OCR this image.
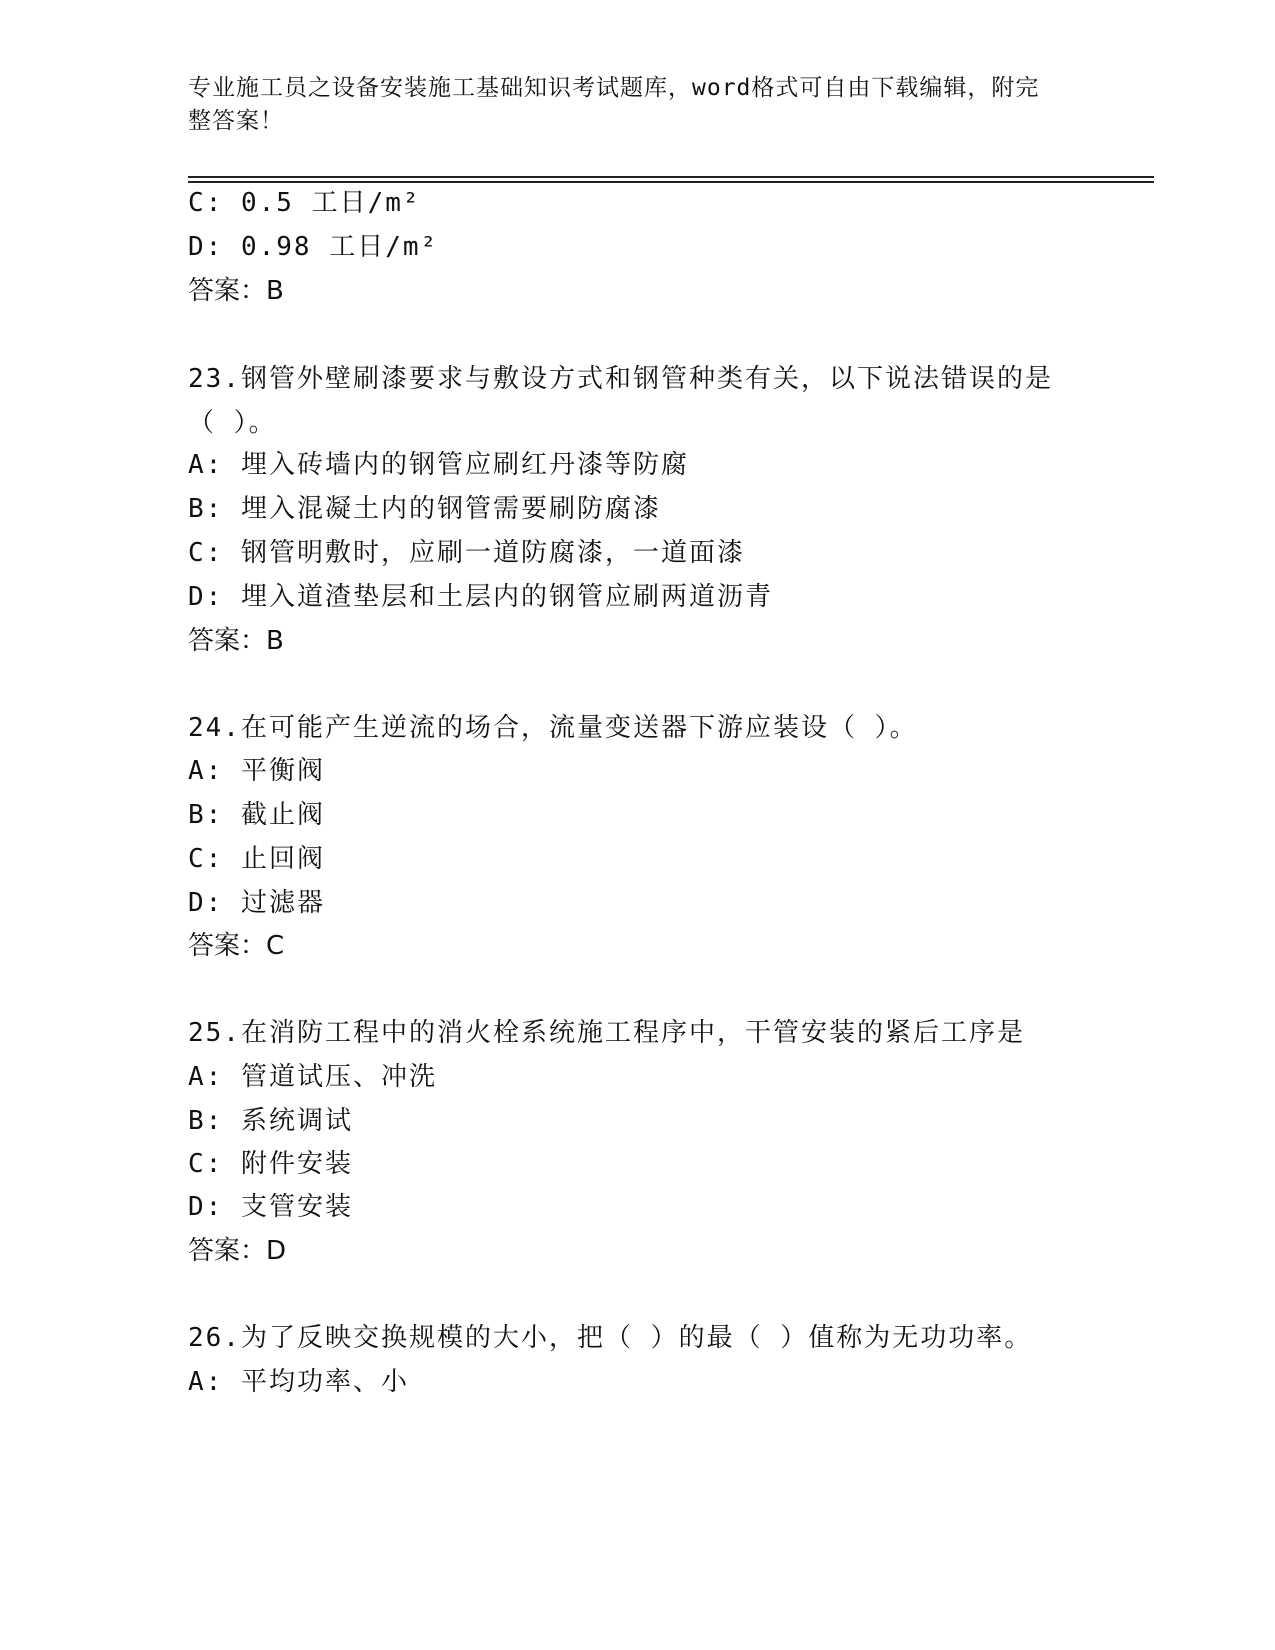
专业施工员之设备安装施工基础知识考试题库，word格式可自由下载编辑，附完
整答案！
C: 0.5 工日/m²
D: 0.98 工日/m²
答案：B
23.钢管外壁刷漆要求与敷设方式和钢管种类有关，以下说法错误的是
（ ）。
A: 埋入砖墙内的钢管应刷红丹漆等防腐
B: 埋入混凝土内的钢管需要刷防腐漆
C: 钢管明敷时，应刷一道防腐漆，一道面漆
D: 埋入道渣垫层和土层内的钢管应刷两道沥青
答案：B
24.在可能产生逆流的场合，流量变送器下游应装设（ ）。
A: 平衡阀
B: 截止阀
C: 止回阀
D: 过滤器
答案：C
25.在消防工程中的消火栓系统施工程序中，干管安装的紧后工序是
A: 管道试压、冲洗
B: 系统调试
C: 附件安装
D: 支管安装
答案：D
26.为了反映交换规模的大小，把（ ）的最（ ）值称为无功功率。
A: 平均功率、小
